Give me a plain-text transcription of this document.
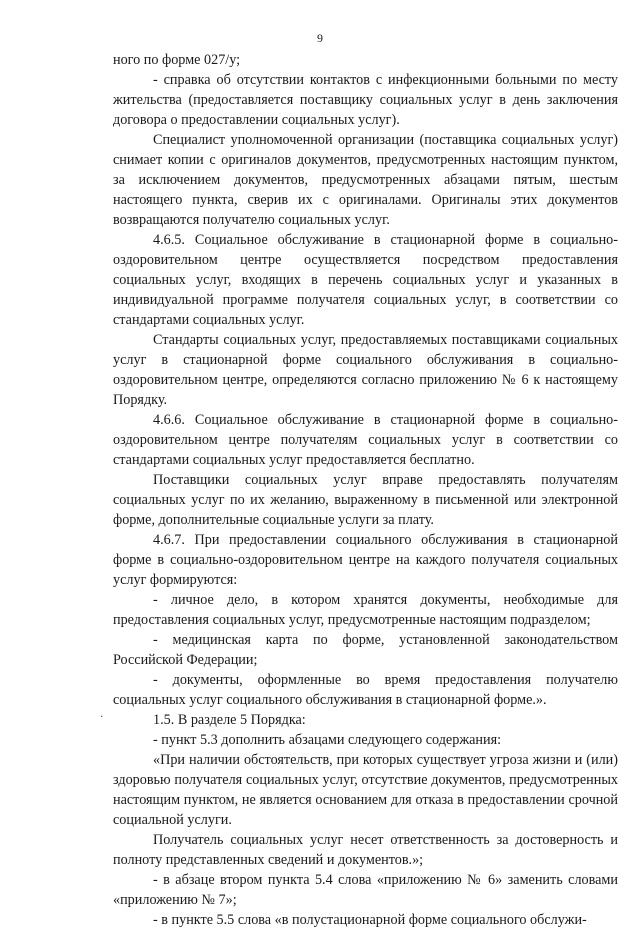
9

ного по форме 027/у;

- справка об отсутствии контактов с инфекционными больными по месту жительства (предоставляется поставщику социальных услуг в день заключения договора о предоставлении социальных услуг).

Специалист уполномоченной организации (поставщика социальных услуг) снимает копии с оригиналов документов, предусмотренных настоящим пунктом, за исключением документов, предусмотренных абзацами пятым, шестым настоящего пункта, сверив их с оригиналами. Оригиналы этих документов возвращаются получателю социальных услуг.

4.6.5. Социальное обслуживание в стационарной форме в социально-оздоровительном центре осуществляется посредством предоставления социальных услуг, входящих в перечень социальных услуг и указанных в индивидуальной программе получателя социальных услуг, в соответствии со стандартами социальных услуг.

Стандарты социальных услуг, предоставляемых поставщиками социальных услуг в стационарной форме социального обслуживания в социально-оздоровительном центре, определяются согласно приложению № 6 к настоящему Порядку.

4.6.6. Социальное обслуживание в стационарной форме в социально-оздоровительном центре получателям социальных услуг в соответствии со стандартами социальных услуг предоставляется бесплатно.

Поставщики социальных услуг вправе предоставлять получателям социальных услуг по их желанию, выраженному в письменной или электронной форме, дополнительные социальные услуги за плату.

4.6.7. При предоставлении социального обслуживания в стационарной форме в социально-оздоровительном центре на каждого получателя социальных услуг формируются:

- личное дело, в котором хранятся документы, необходимые для предоставления социальных услуг, предусмотренные настоящим подразделом;

- медицинская карта по форме, установленной законодательством Российской Федерации;

- документы, оформленные во время предоставления получателю социальных услуг социального обслуживания в стационарной форме.».

1.5. В разделе 5 Порядка:

- пункт 5.3 дополнить абзацами следующего содержания:

«При наличии обстоятельств, при которых существует угроза жизни и (или) здоровью получателя социальных услуг, отсутствие документов, предусмотренных настоящим пунктом, не является основанием для отказа в предоставлении срочной социальной услуги.

Получатель социальных услуг несет ответственность за достоверность и полноту представленных сведений и документов.»;

- в абзаце втором пункта 5.4 слова «приложению № 6» заменить словами «приложению № 7»;

- в пункте 5.5 слова «в полустационарной форме социального обслужи-

·
